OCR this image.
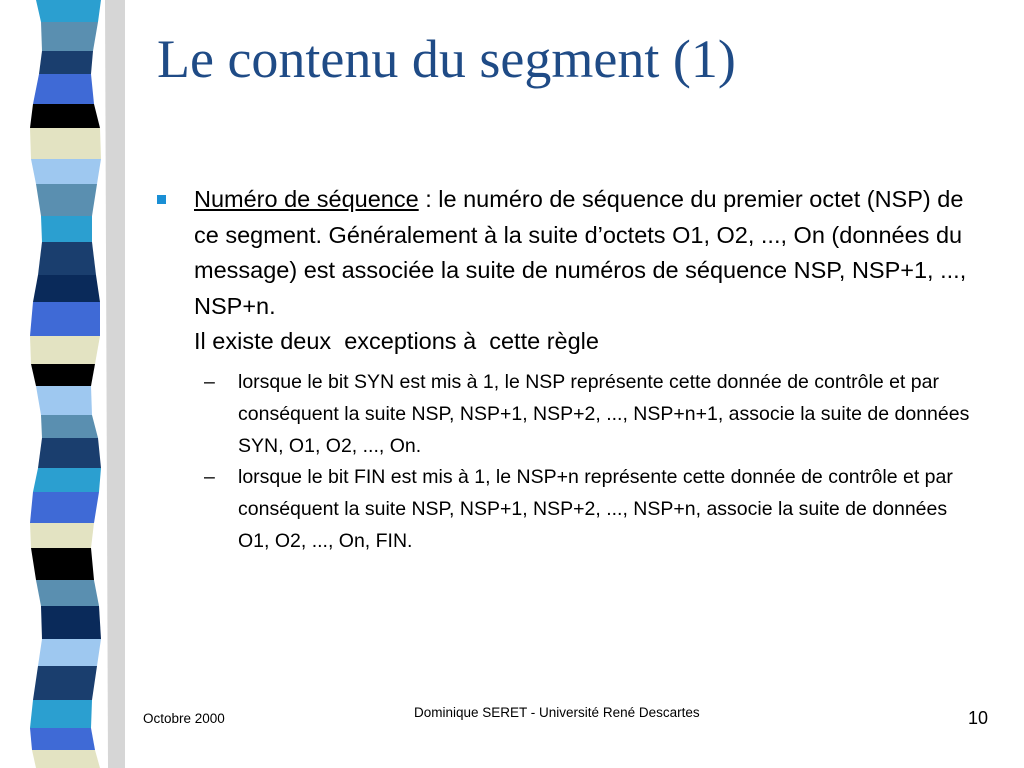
Le contenu du segment (1)
Numéro de séquence : le numéro de séquence du premier octet (NSP) de ce segment. Généralement à la suite d’octets O1, O2, ..., On (données du message) est associée la suite de numéros de séquence NSP, NSP+1, ..., NSP+n.
Il existe deux  exceptions à  cette règle
– lorsque le bit SYN est mis à 1, le NSP représente cette donnée de contrôle et par conséquent la suite NSP, NSP+1, NSP+2, ..., NSP+n+1, associe la suite de données SYN, O1, O2, ..., On.
– lorsque le bit FIN est mis à 1, le NSP+n représente cette donnée de contrôle et par conséquent la suite NSP, NSP+1, NSP+2, ..., NSP+n, associe la suite de données O1, O2, ..., On, FIN.
Octobre 2000	Dominique SERET - Université René Descartes	10
